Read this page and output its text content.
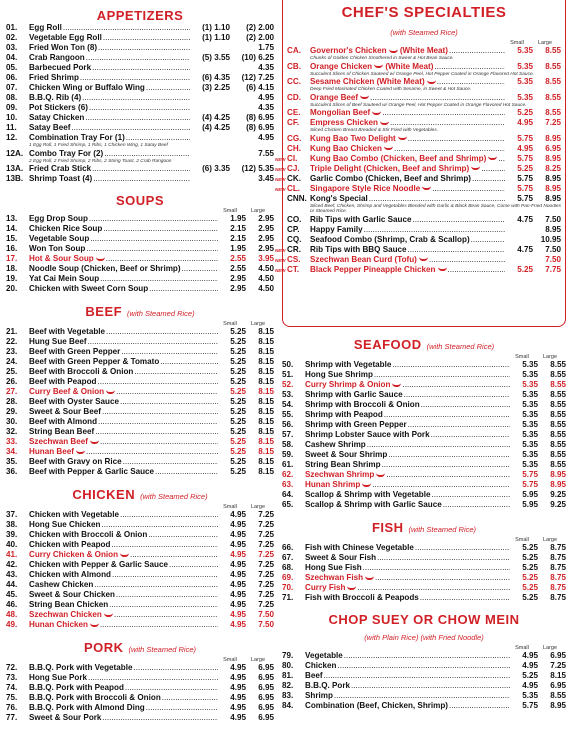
APPETIZERS
01.	Egg Roll .....	(1) 1.10	(2) 2.00
02.	Vegetable Egg Roll .....	(1) 1.10	(2) 2.00
03.	Fried Won Ton (8) .....	1.75
04.	Crab Rangoon .....	(5) 3.55	(10) 6.25
05.	Barbecued Pork .....	4.35
06.	Fried Shrimp .....	(6) 4.35	(12) 7.25
07.	Chicken Wing or Buffalo Wing .....	(3) 2.25	(6) 4.15
08.	B.B.Q. Rib (4) .....	4.95
09.	Pot Stickers (6) .....	4.35
10.	Satay Chicken .....	(4) 4.25	(8) 6.95
11.	Satay Beef .....	(4) 4.25	(8) 6.95
12.	Combination Tray For (1) .....	4.95
1 Egg Roll, 1 Fried Shrimp, 1 Ribs, 1 Chicken Wing, 1 Satay Beef
12A. Combo Tray For (2) .....	7.55
2 Egg Roll, 2 Fried Shrimp, 2 Ribs, 2 String Toast, 2 Crab Rangoon
13A. Fried Crab Stick .....	(6) 3.35	(12) 5.35
13B. Shrimp Toast (4) .....	3.45
SOUPS
Small	Large
13.	Egg Drop Soup .....	1.95	2.95
14.	Chicken Rice Soup .....	2.15	2.95
15.	Vegetable Soup .....	2.15	2.95
16.	Won Ton Soup .....	1.95	2.95
17.	Hot & Sour Soup .....	2.55	3.95
18.	Noodle Soup (Chicken, Beef or Shrimp) .....	2.55	4.50
19.	Yat Cai Mein Soup .....	2.95	4.50
20.	Chicken with Sweet Corn Soup .....	2.95	4.50
BEEF (with Steamed Rice)
Small	Large
21.	Beef with Vegetable .....	5.25	8.15
22.	Hung Sue Beef .....	5.25	8.15
23.	Beef with Green Pepper .....	5.25	8.15
24.	Beef with Green Pepper & Tomato .....	5.25	8.15
25.	Beef with Broccoli & Onion .....	5.25	8.15
26.	Beef with Peapod .....	5.25	8.15
27.	Curry Beef & Onion .....	5.25	8.15
28.	Beef with Oyster Sauce .....	5.25	8.15
29.	Sweet & Sour Beef .....	5.25	8.15
30.	Beef with Almond .....	5.25	8.15
32.	String Bean Beef .....	5.25	8.15
33.	Szechwan Beef .....	5.25	8.15
34.	Hunan Beef .....	5.25	8.15
35.	Beef with Gravy on Rice .....	5.25	8.15
36.	Beef with Pepper & Garlic Sauce .....	5.25	8.15
CHICKEN (with Steamed Rice)
Small	Large
37.	Chicken with Vegetable .....	4.95	7.25
38.	Hong Sue Chicken .....	4.95	7.25
39.	Chicken with Broccoli & Onion .....	4.95	7.25
40.	Chicken with Peapod .....	4.95	7.25
41.	Curry Chicken & Onion .....	4.95	7.25
42.	Chicken with Pepper & Garlic Sauce .....	4.95	7.25
43.	Chicken with Almond .....	4.95	7.25
44.	Cashew Chicken .....	4.95	7.25
45.	Sweet & Sour Chicken .....	4.95	7.25
46.	String Bean Chicken .....	4.95	7.25
48.	Szechwan Chicken .....	4.95	7.50
49.	Hunan Chicken .....	4.95	7.50
PORK (with Steamed Rice)
Small	Large
72.	B.B.Q. Pork with Vegetable .....	4.95	6.95
73.	Hong Sue Pork .....	4.95	6.95
74.	B.B.Q. Pork with Peapod .....	4.95	6.95
75.	B.B.Q. Pork with Broccoli & Onion .....	4.95	6.95
76.	B.B.Q. Pork with Almond Ding .....	4.95	6.95
77.	Sweet & Sour Pork .....	4.95	6.95
CHEF'S SPECIALTIES
(with Steamed Rice)
Small	Large
CA.	Governor's Chicken (White Meat) .....	5.35	8.55
Chunks of Golden Chicken Smothered in Sweet & Hot Bean Sauce.
CB.	Orange Chicken (White Meat) .....	5.35	8.55
Succulent Slices of Chicken Sauteed w/ Orange Peel, Hot Pepper Coated in Orange Flavored Hot Sauce.
CC.	Sesame Chicken (White Meat) .....	5.35	8.55
Deep Fried Marinated Chicken Coated with Sesame, in Sweet & Hot Sauce.
CD.	Orange Beef .....	5.35	8.55
Succulent Slices of Beef Sauteed w/ Orange Peel, Hot Pepper Coated in Orange Flavored Hot Sauce.
CE.	Mongolian Beef .....	5.25	8.55
CF.	Empress Chicken .....	4.95	7.25
Sliced Chicken Breast Breaded & Stir Fried with Vegetables.
CG.	Kung Bao Two Delight .....	5.75	8.95
CH.	Kung Bao Chicken .....	4.95	6.95
NEW CI.	Kung Bao Combo (Chicken, Beef and Shrimp) .....	5.75	8.95
NEW CJ.	Triple Delight (Chicken, Beef and Shrimp) .....	5.25	8.25
NEW CK.	Garlic Combo (Chicken, Beef and Shrimp) .....	5.75	8.95
NEW CL.	Singapore Style Rice Noodle .....	5.75	8.95
CNN. Kong's Special .....	5.75	8.95
Sliced Beef, Chicken, Shrimp and Vegetables Blended with Garlic & Black Bean Sauce, Come with Pan-Fried Noodles or Steamed Rice.
CO.	Rib Tips with Garlic Sauce .....	4.75	7.50
CP.	Happy Family .....	8.95
CQ.	Seafood Combo (Shrimp, Crab & Scallop) .....	10.95
NEW CR.	Rib Tips with BBQ Sauce .....	4.75	7.50
NEW CS.	Szechwan Bean Curd (Tofu) .....	7.50
NEW CT.	Black Pepper Pineapple Chicken .....	5.25	7.75
SEAFOOD (with Steamed Rice)
Small	Large
50.	Shrimp with Vegetable .....	5.35	8.55
51.	Hong Sue Shrimp .....	5.35	8.55
52.	Curry Shrimp & Onion .....	5.35	8.55
53.	Shrimp with Garlic Sauce .....	5.35	8.55
54.	Shrimp with Broccoli & Onion .....	5.35	8.55
55.	Shrimp with Peapod .....	5.35	8.55
56.	Shrimp with Green Pepper .....	5.35	8.55
57.	Shrimp Lobster Sauce with Pork .....	5.35	8.55
58.	Cashew Shrimp .....	5.35	8.55
59.	Sweet & Sour Shrimp .....	5.35	8.55
61.	String Bean Shrimp .....	5.35	8.55
62.	Szechwan Shrimp .....	5.75	8.95
63.	Hunan Shrimp .....	5.75	8.95
64.	Scallop & Shrimp with Vegetable .....	5.95	9.25
65.	Scallop & Shrimp with Garlic Sauce .....	5.95	9.25
FISH (with Steamed Rice)
Small	Large
66.	Fish with Chinese Vegetable .....	5.25	8.75
67.	Sweet & Sour Fish .....	5.25	8.75
68.	Hong Sue Fish .....	5.25	8.75
69.	Szechwan Fish .....	5.25	8.75
70.	Curry Fish .....	5.25	8.75
71.	Fish with Broccoli & Peapods .....	5.25	8.75
CHOP SUEY OR CHOW MEIN
(with Plain Rice) (with Fried Noodle)
Small	Large
79.	Vegetable .....	4.95	6.95
80.	Chicken .....	4.95	7.25
81.	Beef .....	5.25	8.15
82.	B.B.Q. Pork .....	4.95	6.95
83.	Shrimp .....	5.35	8.55
84.	Combination (Beef, Chicken, Shrimp) .....	5.75	8.95
